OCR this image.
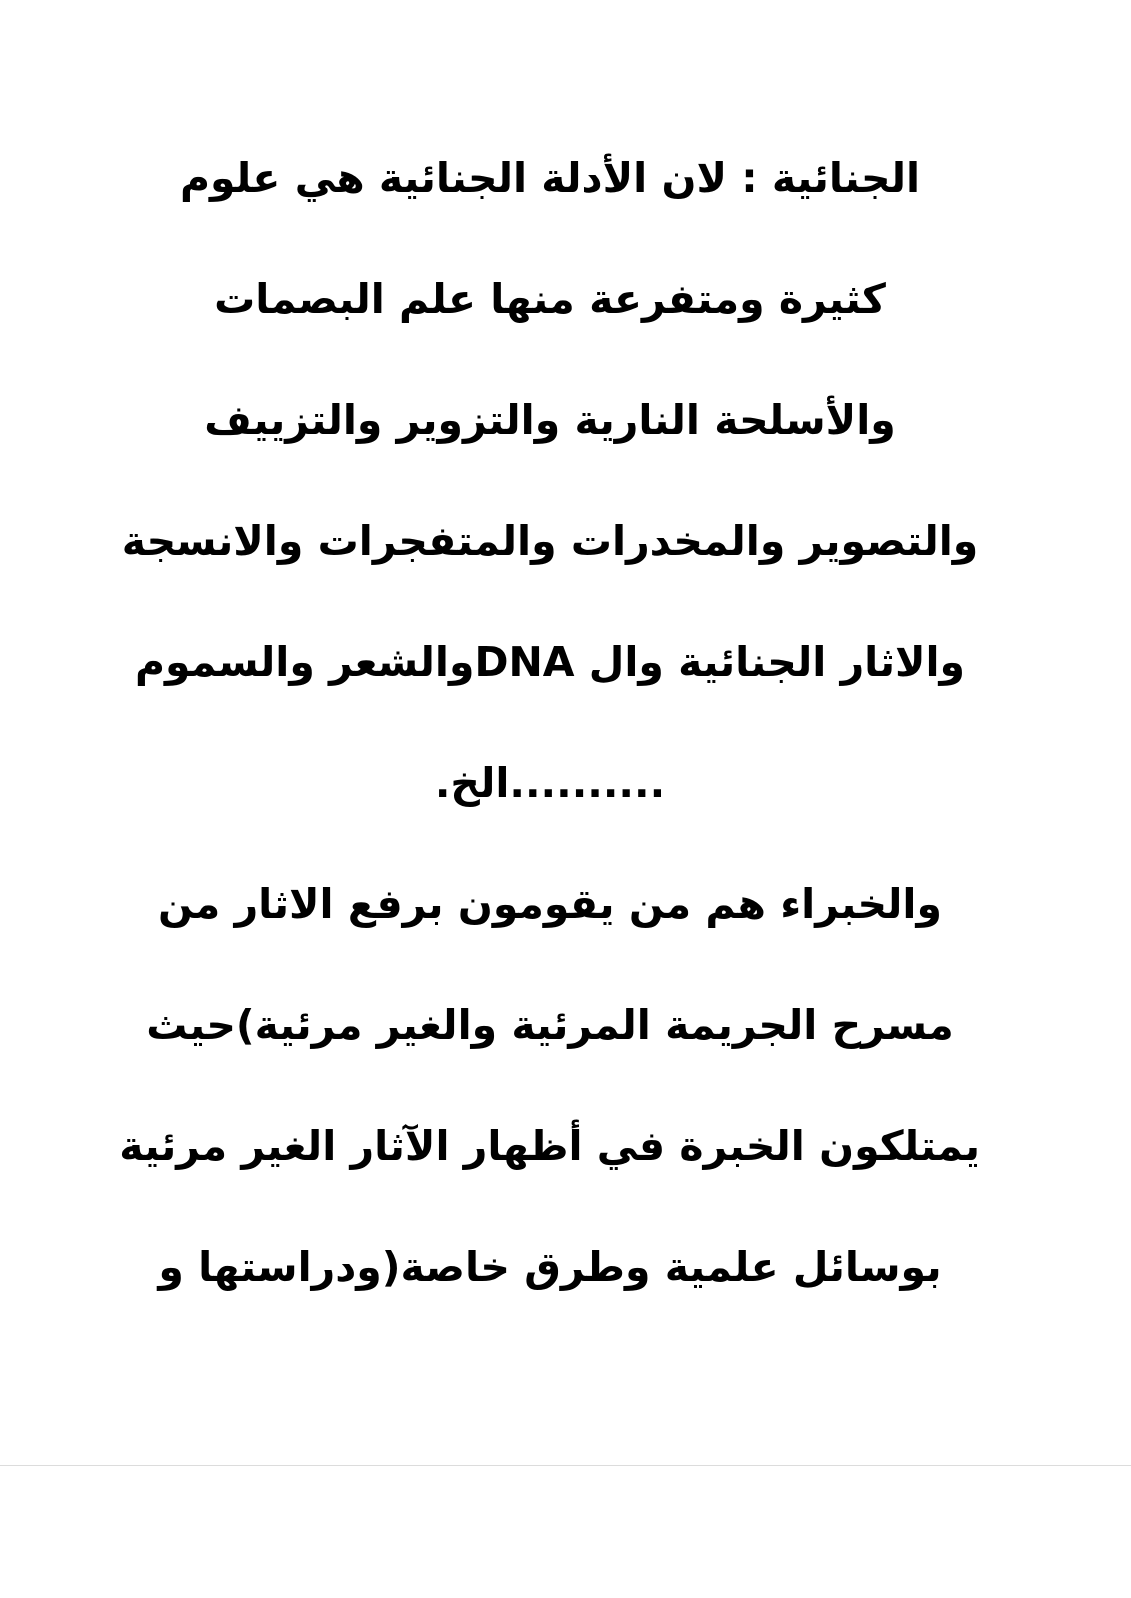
الجنائية : لان الأدلة الجنائية هي علوم
كثيرة ومتفرعة منها علم البصمات
والأسلحة النارية والتزوير والتزييف
والتصوير والمخدرات والمتفجرات والانسجة
والاثار الجنائية وال DNAوالشعر والسموم
..........الخ.
والخبراء هم من يقومون برفع الاثار من
مسرح الجريمة المرئية والغير مرئية)حيث
يمتلكون الخبرة في أظهار الآثار الغير مرئية
بوسائل علمية وطرق خاصة(ودراستها و
